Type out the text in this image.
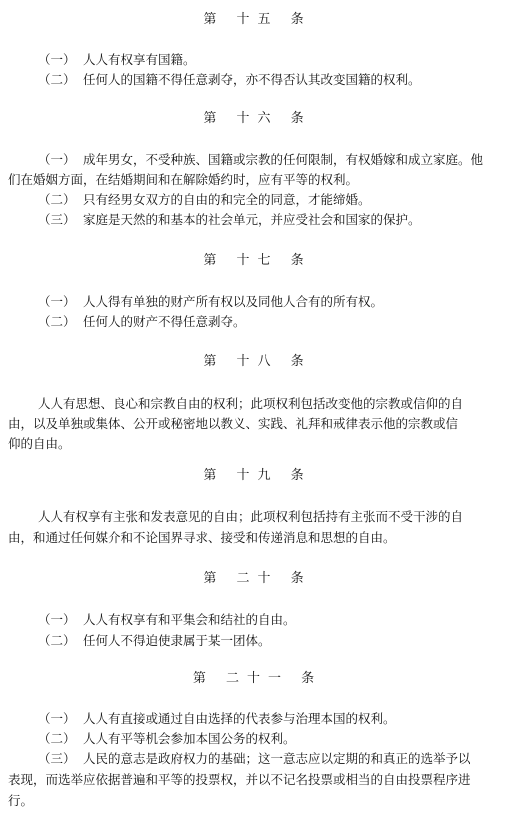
第 十五 条
（一） 人人有权享有国籍。
（二） 任何人的国籍不得任意剥夺，亦不得否认其改变国籍的权利。
第 十六 条
（一） 成年男女，不受种族、国籍或宗教的任何限制，有权婚嫁和成立家庭。他
们在婚姻方面，在结婚期间和在解除婚约时，应有平等的权利。
（二） 只有经男女双方的自由的和完全的同意，才能缔婚。
（三） 家庭是天然的和基本的社会单元，并应受社会和国家的保护。
第 十七 条
（一） 人人得有单独的财产所有权以及同他人合有的所有权。
（二） 任何人的财产不得任意剥夺。
第 十八 条
人人有思想、良心和宗教自由的权利；此项权利包括改变他的宗教或信仰的自
由，以及单独或集体、公开或秘密地以教义、实践、礼拜和戒律表示他的宗教或信
仰的自由。
第 十九 条
人人有权享有主张和发表意见的自由；此项权利包括持有主张而不受干涉的自
由，和通过任何媒介和不论国界寻求、接受和传递消息和思想的自由。
第 二十 条
（一） 人人有权享有和平集会和结社的自由。
（二） 任何人不得迫使隶属于某一团体。
第 二十一 条
（一） 人人有直接或通过自由选择的代表参与治理本国的权利。
（二） 人人有平等机会参加本国公务的权利。
（三） 人民的意志是政府权力的基础；这一意志应以定期的和真正的选举予以
表现，而选举应依据普遍和平等的投票权，并以不记名投票或相当的自由投票程序进
行。
